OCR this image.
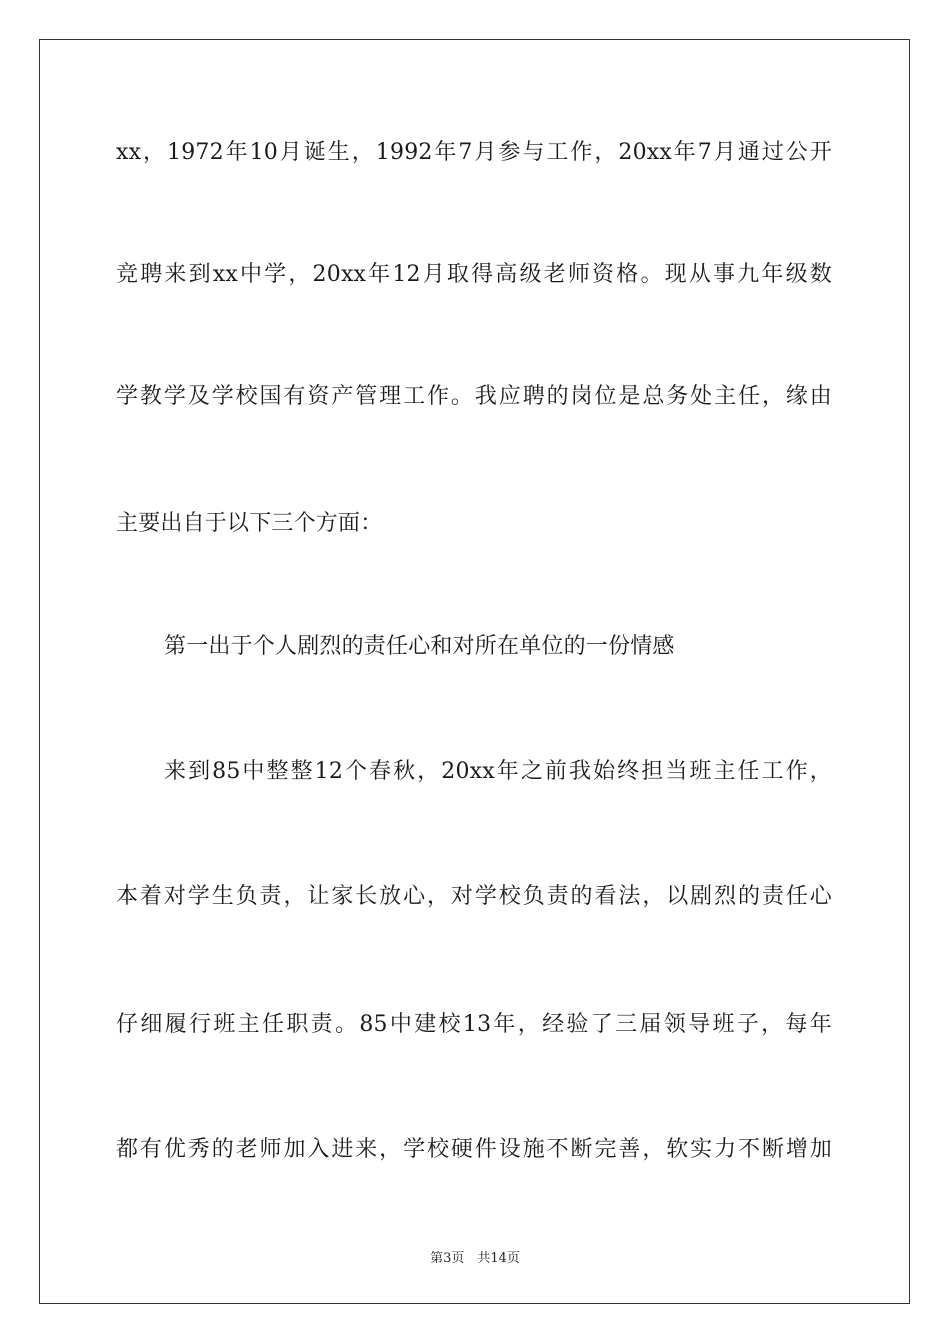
xx，1972年10月诞生，1992年7月参与工作，20xx年7月通过公开
竞聘来到xx中学，20xx年12月取得高级老师资格。现从事九年级数
学教学及学校国有资产管理工作。我应聘的岗位是总务处主任，缘由
主要出自于以下三个方面：
第一出于个人剧烈的责任心和对所在单位的一份情感
来到85中整整12个春秋，20xx年之前我始终担当班主任工作，
本着对学生负责，让家长放心，对学校负责的看法，以剧烈的责任心
仔细履行班主任职责。85中建校13年，经验了三届领导班子，每年
都有优秀的老师加入进来，学校硬件设施不断完善，软实力不断增加
第3页　共14页
